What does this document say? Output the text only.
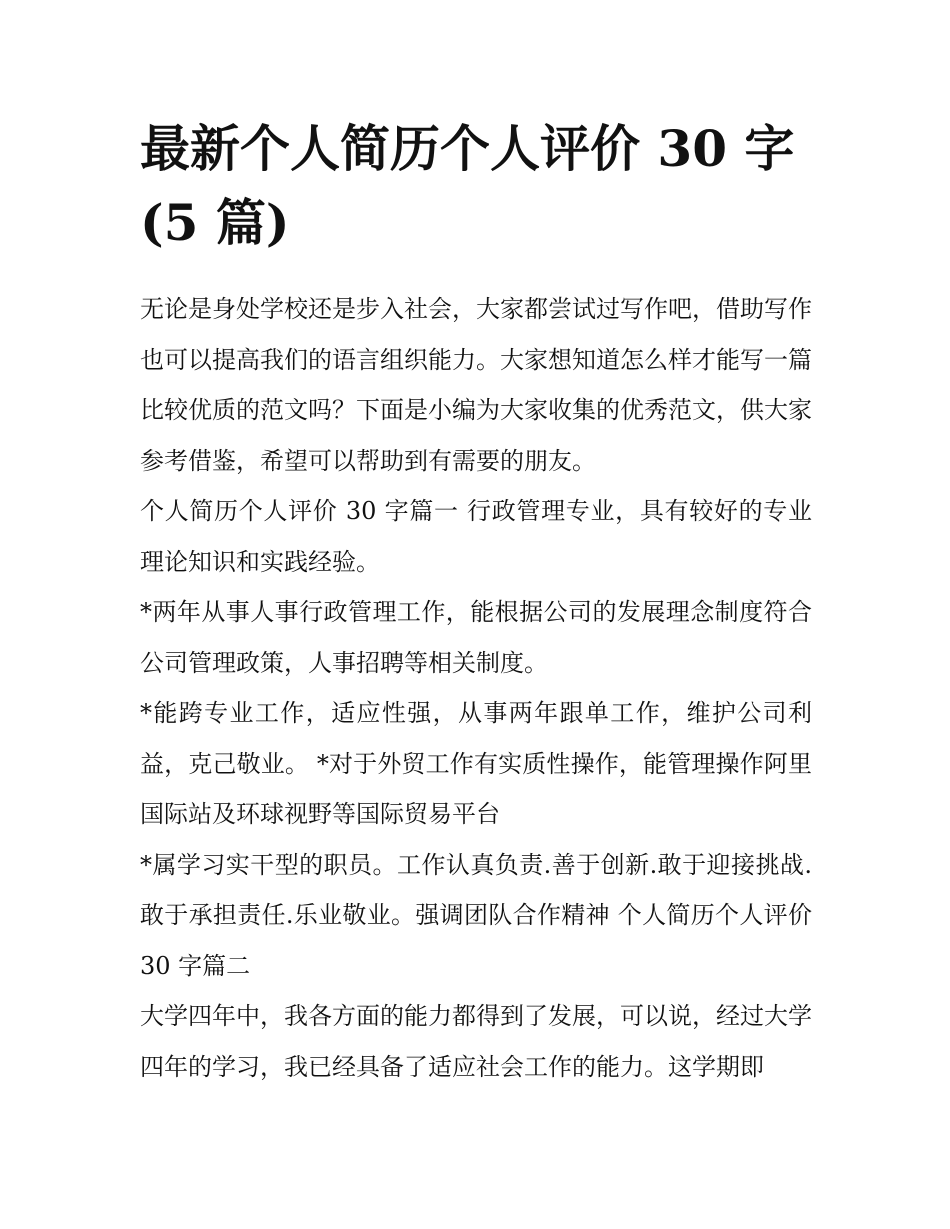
最新个人简历个人评价 30 字(5 篇)

无论是身处学校还是步入社会，大家都尝试过写作吧，借助写作也可以提高我们的语言组织能力。大家想知道怎么样才能写一篇比较优质的范文吗？下面是小编为大家收集的优秀范文，供大家参考借鉴，希望可以帮助到有需要的朋友。

个人简历个人评价 30 字篇一 行政管理专业，具有较好的专业理论知识和实践经验。

*两年从事人事行政管理工作，能根据公司的发展理念制度符合公司管理政策，人事招聘等相关制度。

*能跨专业工作，适应性强，从事两年跟单工作，维护公司利益，克己敬业。 *对于外贸工作有实质性操作，能管理操作阿里国际站及环球视野等国际贸易平台

*属学习实干型的职员。工作认真负责.善于创新.敢于迎接挑战.敢于承担责任.乐业敬业。强调团队合作精神 个人简历个人评价 30 字篇二

大学四年中，我各方面的能力都得到了发展，可以说，经过大学四年的学习，我已经具备了适应社会工作的能力。这学期即
